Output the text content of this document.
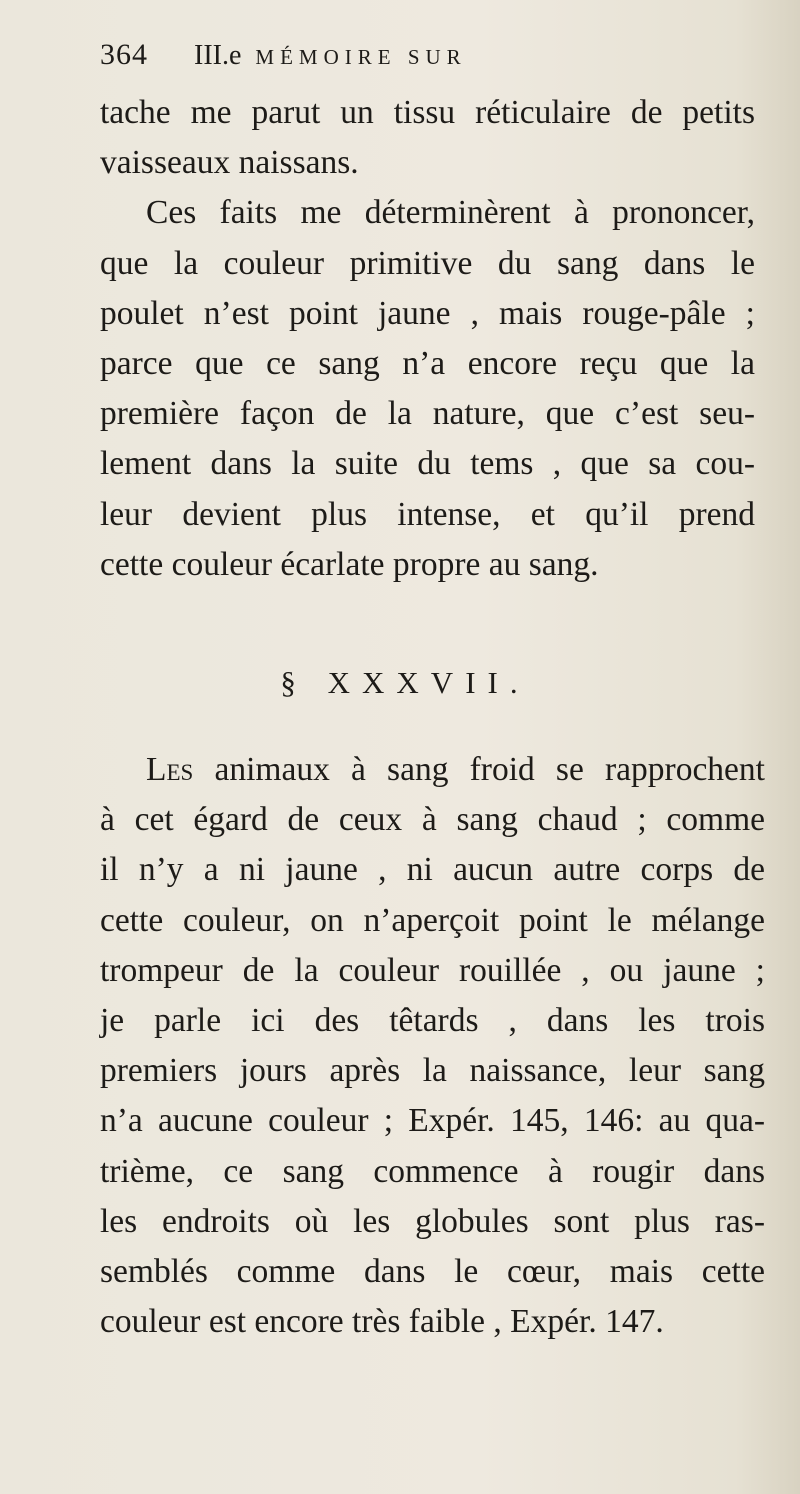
364 III.e MÉMOIRE SUR
tache me parut un tissu réticulaire de petits
vaisseaux naissans.
Ces faits me déterminèrent à prononcer,
que la couleur primitive du sang dans le
poulet n’est point jaune , mais rouge-pâle ;
parce que ce sang n’a encore reçu que la
première façon de la nature, que c’est seu-
lement dans la suite du tems , que sa cou-
leur devient plus intense, et qu’il prend
cette couleur écarlate propre au sang.
§ XXXVII.
Les animaux à sang froid se rapprochent
à cet égard de ceux à sang chaud ; comme
il n’y a ni jaune , ni aucun autre corps de
cette couleur, on n’aperçoit point le mélange
trompeur de la couleur rouillée , ou jaune ;
je parle ici des têtards , dans les trois
premiers jours après la naissance, leur sang
n’a aucune couleur ; Expér. 145, 146: au qua-
trième, ce sang commence à rougir dans
les endroits où les globules sont plus ras-
semblés comme dans le cœur, mais cette
couleur est encore très faible , Expér. 147.
